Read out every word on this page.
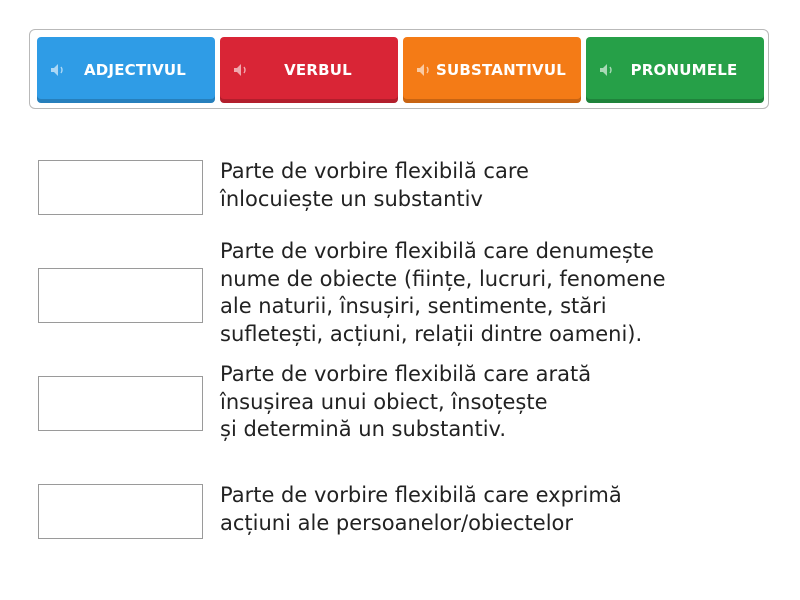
ADJECTIVUL	VERBUL	SUBSTANTIVUL	PRONUMELE
Parte de vorbire flexibilă care
înlocuiește un substantiv
Parte de vorbire flexibilă care denumește
nume de obiecte (ființe, lucruri, fenomene
ale naturii, însușiri, sentimente, stări
sufletești, acțiuni, relații dintre oameni).
Parte de vorbire flexibilă care arată
însușirea unui obiect, însoțește
și determină un substantiv.
Parte de vorbire flexibilă care exprimă
acțiuni ale persoanelor/obiectelor
